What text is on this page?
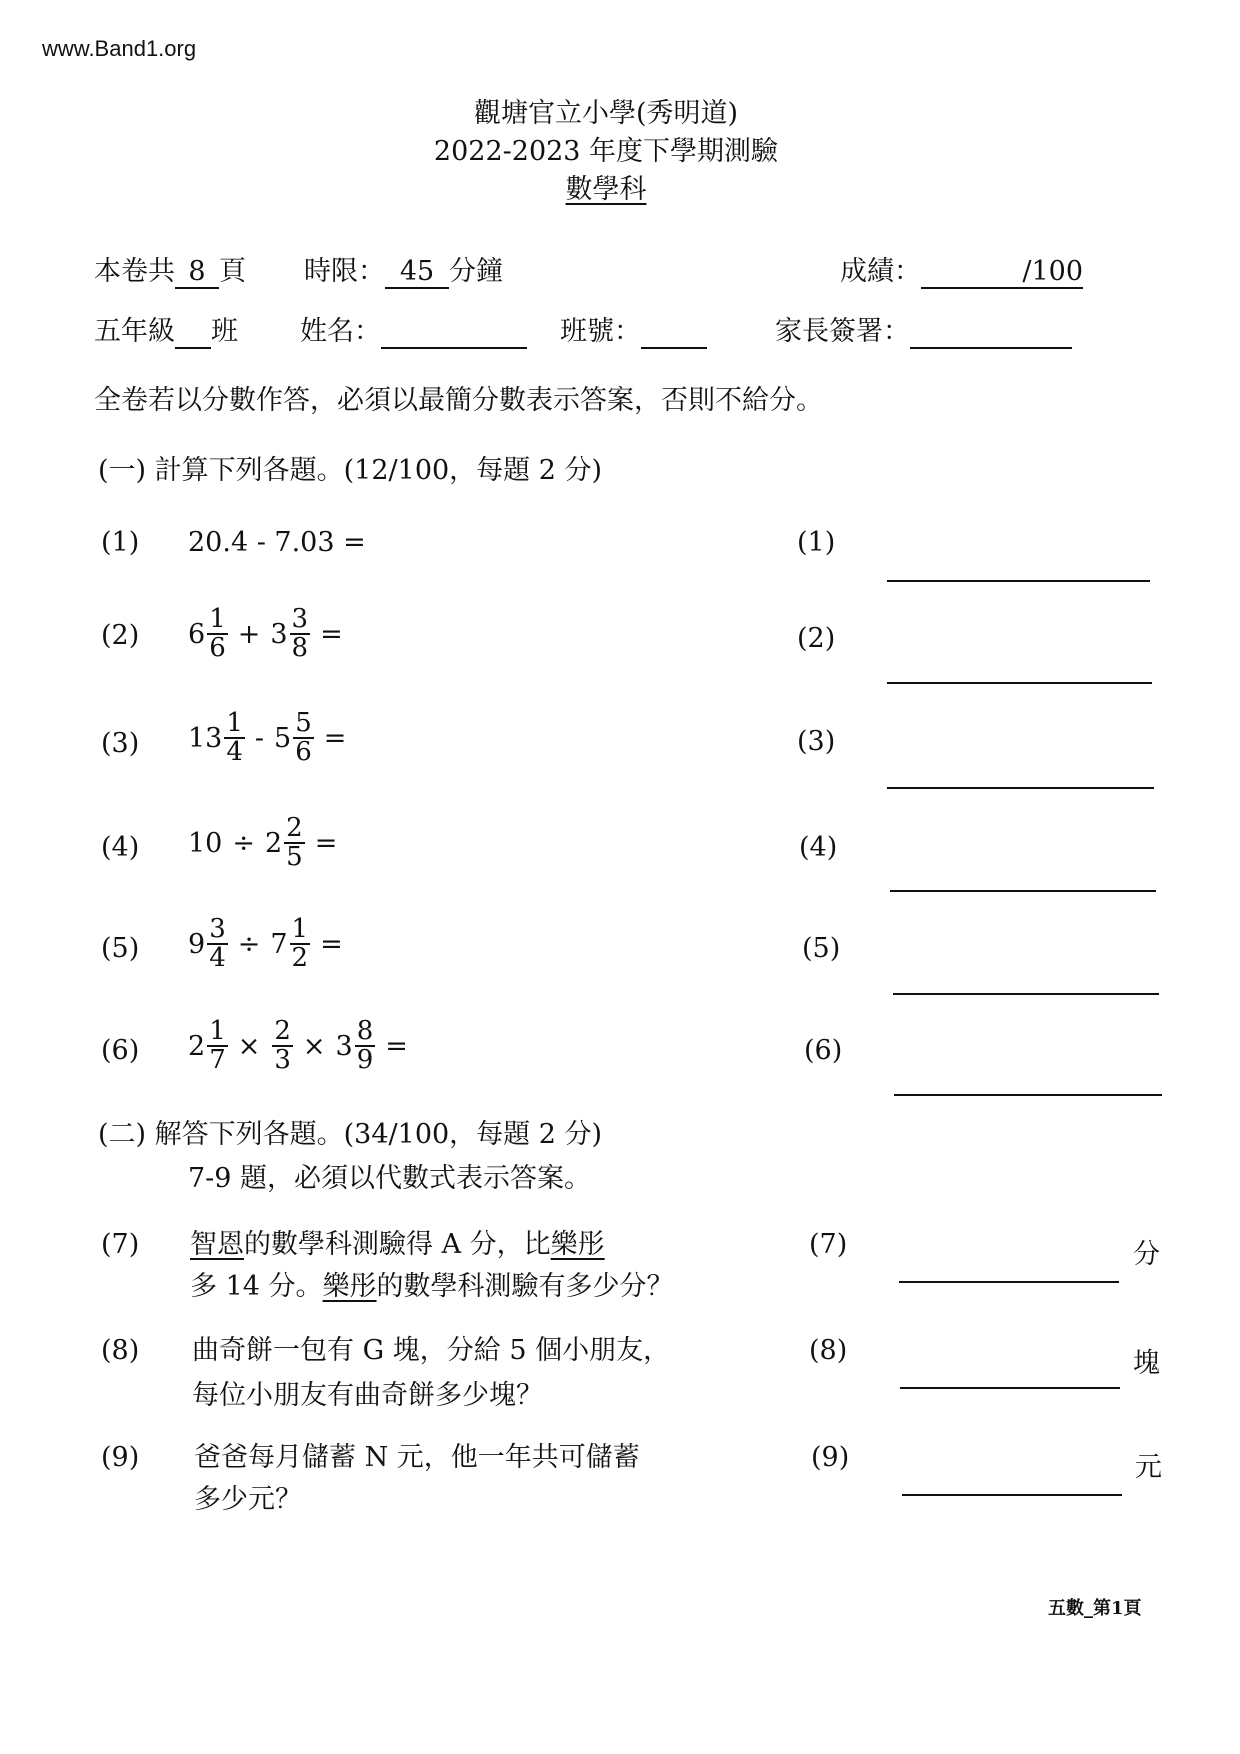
www.Band1.org
觀塘官立小學(秀明道)
2022-2023 年度下學期測驗
數學科
本卷共 8 頁 時限： 45 分鐘	成績：	/100
五年級 班 姓名：	班號：	家長簽署：
全卷若以分數作答，必須以最簡分數表示答案，否則不給分。
(一) 計算下列各題。(12/100，每題 2 分)
(1) 20.4 - 7.03 =	(1)
(2) $6 \frac{1}{6} + 3 \frac{3}{8}$ =	(2)
(3) $13 \frac{1}{4} - 5 \frac{5}{6}$ =	(3)
(4) $10 \div 2 \frac{2}{5}$ =	(4)
(5) $9 \frac{3}{4} \div 7 \frac{1}{2}$ =	(5)
(6) $2 \frac{1}{7} \times \frac{2}{3} \times 3 \frac{8}{9}$ =	(6)
(二) 解答下列各題。(34/100，每題 2 分)
7-9 題，必須以代數式表示答案。
(7) 智恩的數學科測驗得 A 分，比樂彤
多 14 分。樂彤的數學科測驗有多少分？
(7)	分
(8) 曲奇餅一包有 G 塊，分給 5 個小朋友，
每位小朋友有曲奇餅多少塊？
(8)	塊
(9) 爸爸每月儲蓄 N 元，他一年共可儲蓄
多少元？
(9)	元
五數_第1頁
